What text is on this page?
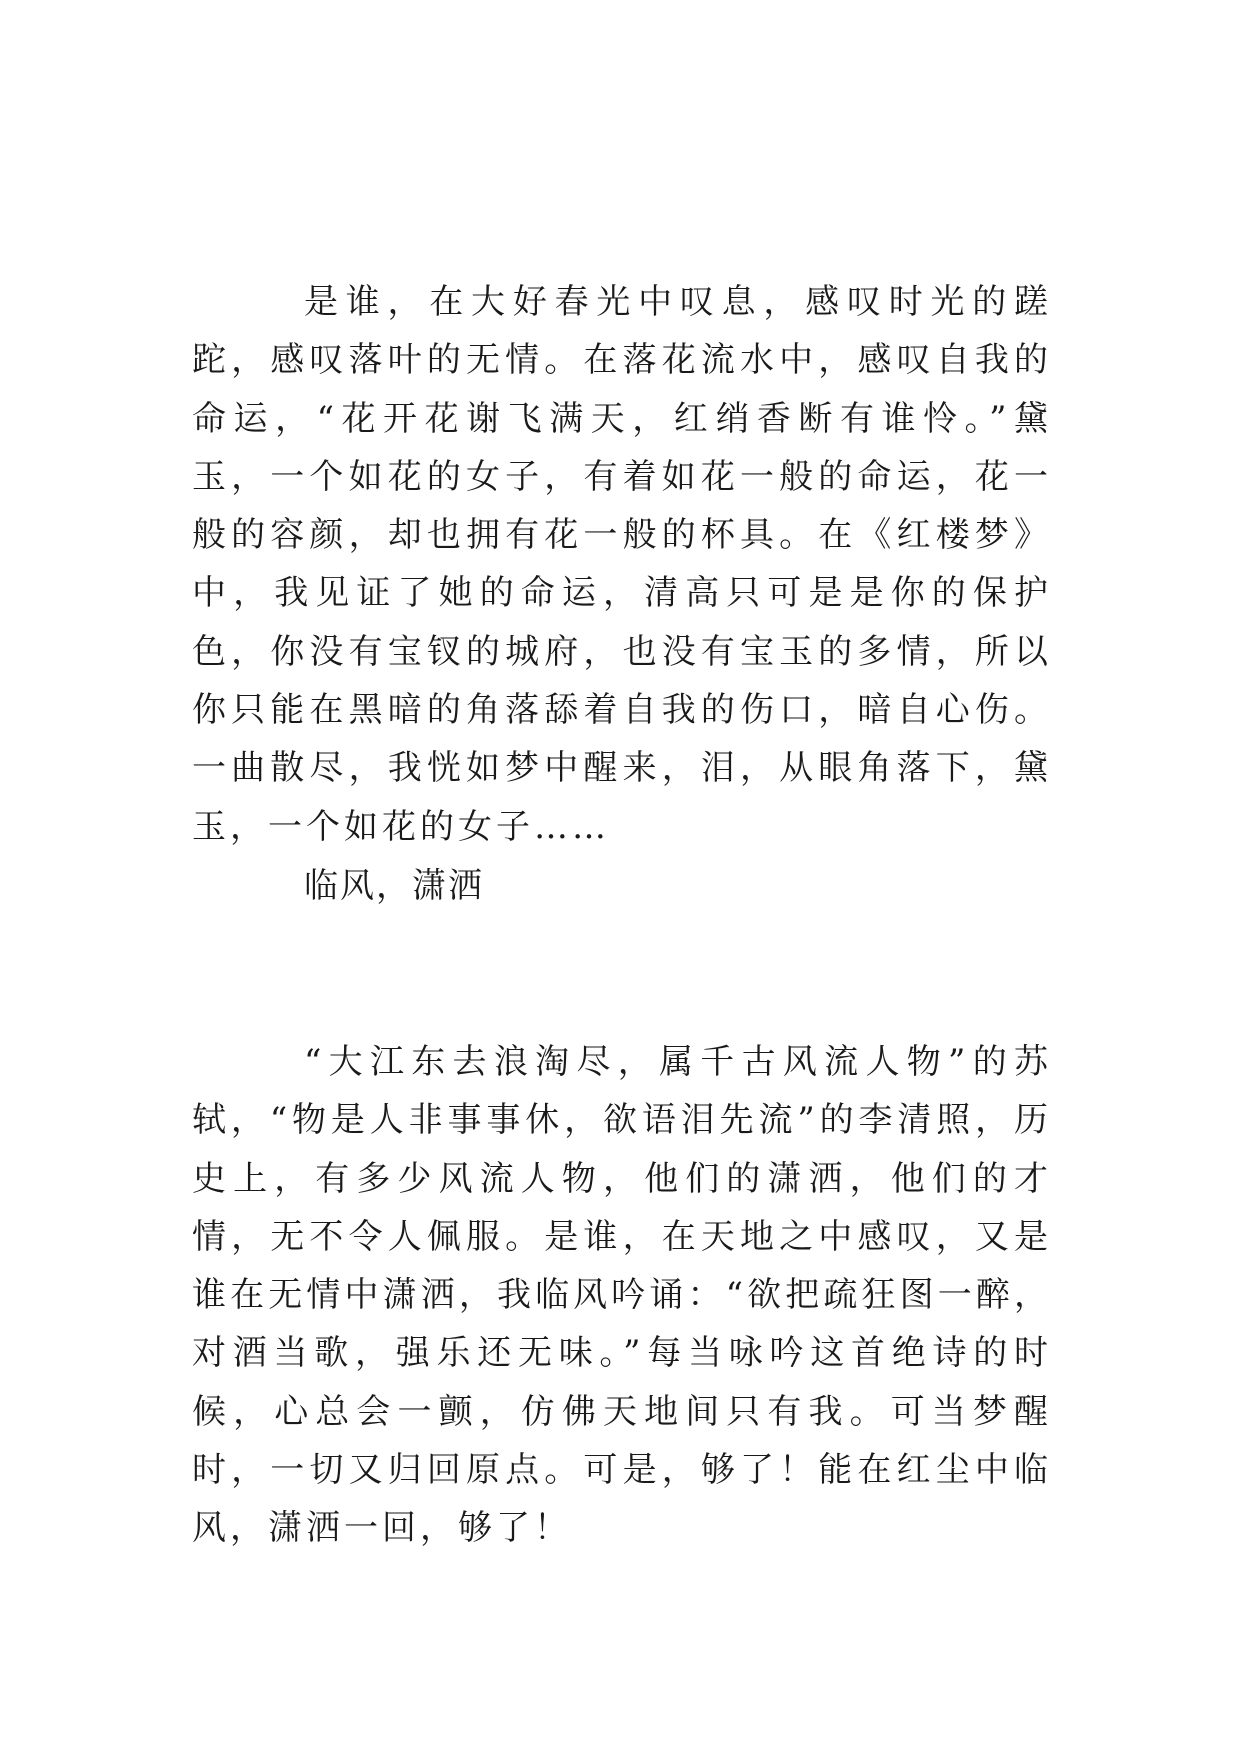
是谁，在大好春光中叹息，感叹时光的蹉跎，感叹落叶的无情。在落花流水中，感叹自我的命运，“花开花谢飞满天，红绡香断有谁怜。”黛玉，一个如花的女子，有着如花一般的命运，花一般的容颜，却也拥有花一般的杯具。在《红楼梦》中，我见证了她的命运，清高只可是是你的保护色，你没有宝钗的城府，也没有宝玉的多情，所以你只能在黑暗的角落舔着自我的伤口，暗自心伤。一曲散尽，我恍如梦中醒来，泪，从眼角落下，黛玉，一个如花的女子……

临风，潇洒

“大江东去浪淘尽，属千古风流人物”的苏轼，“物是人非事事休，欲语泪先流”的李清照，历史上，有多少风流人物，他们的潇洒，他们的才情，无不令人佩服。是谁，在天地之中感叹，又是谁在无情中潇洒，我临风吟诵：“欲把疏狂图一醉，对酒当歌，强乐还无味。”每当咏吟这首绝诗的时候，心总会一颤，仿佛天地间只有我。可当梦醒时，一切又归回原点。可是，够了！能在红尘中临风，潇洒一回，够了！
